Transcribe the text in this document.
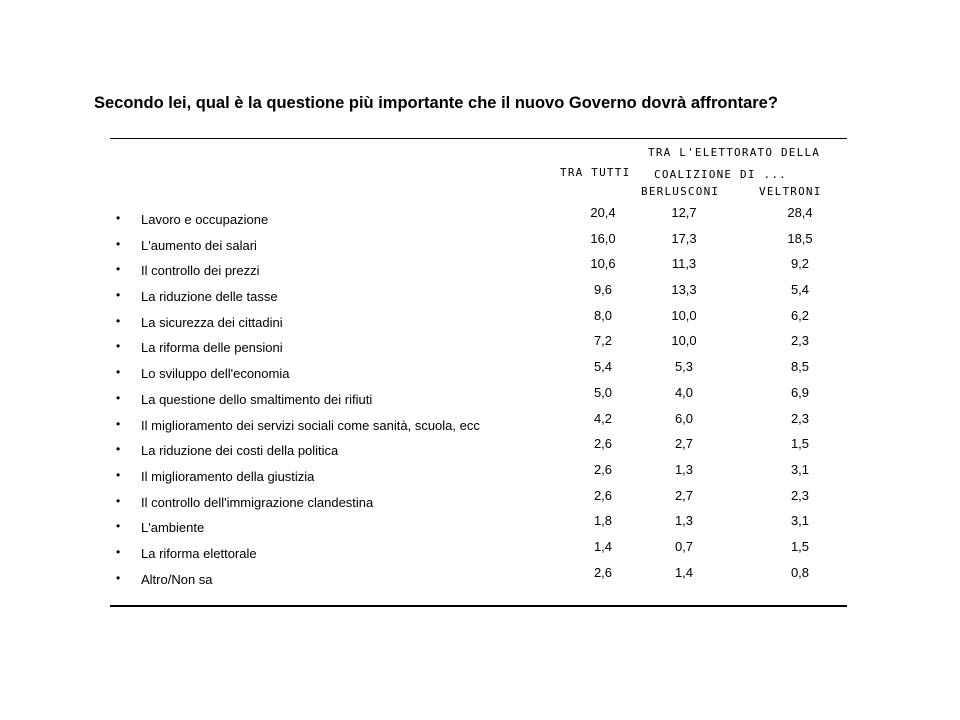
Secondo lei, qual è la questione più importante che il nuovo Governo dovrà affrontare?
TRA L'ELETTORATO DELLA
COALIZIONE DI ...
TRA TUTTI
BERLUSCONI	VELTRONI
• Lavoro e occupazione	20,4	12,7	28,4
• L'aumento dei salari	16,0	17,3	18,5
• Il controllo dei prezzi	10,6	11,3	9,2
• La riduzione delle tasse	9,6	13,3	5,4
• La sicurezza dei cittadini	8,0	10,0	6,2
• La riforma delle pensioni	7,2	10,0	2,3
• Lo sviluppo dell'economia	5,4	5,3	8,5
• La questione dello smaltimento dei rifiuti	5,0	4,0	6,9
• Il miglioramento dei servizi sociali come sanità, scuola, ecc	4,2	6,0	2,3
• La riduzione dei costi della politica	2,6	2,7	1,5
• Il miglioramento della giustizia	2,6	1,3	3,1
• Il controllo dell'immigrazione clandestina	2,6	2,7	2,3
• L'ambiente	1,8	1,3	3,1
• La riforma elettorale	1,4	0,7	1,5
• Altro/Non sa	2,6	1,4	0,8
